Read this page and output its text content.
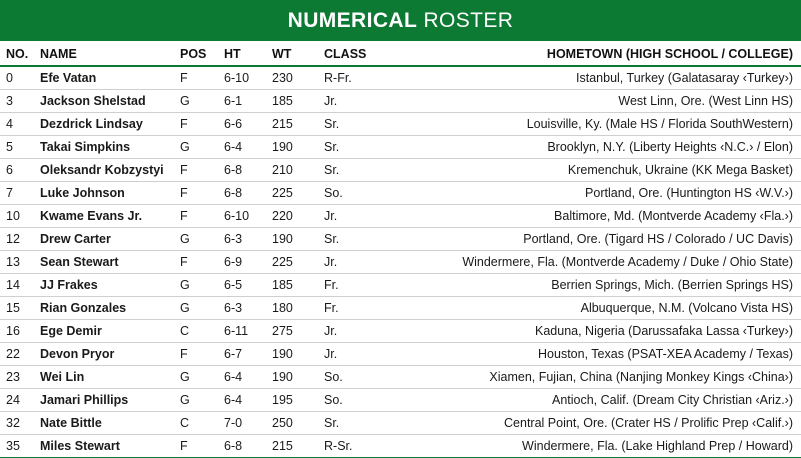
NUMERICAL ROSTER
NO.	NAME	POS	HT	WT	CLASS	HOMETOWN (HIGH SCHOOL / COLLEGE)
0	Efe Vatan	F	6-10	230	R-Fr.	Istanbul, Turkey (Galatasaray ‹Turkey›)
3	Jackson Shelstad	G	6-1	185	Jr.	West Linn, Ore. (West Linn HS)
4	Dezdrick Lindsay	F	6-6	215	Sr.	Louisville, Ky. (Male HS / Florida SouthWestern)
5	Takai Simpkins	G	6-4	190	Sr.	Brooklyn, N.Y. (Liberty Heights ‹N.C.› / Elon)
6	Oleksandr Kobzystyi	F	6-8	210	Sr.	Kremenchuk, Ukraine (KK Mega Basket)
7	Luke Johnson	F	6-8	225	So.	Portland, Ore. (Huntington HS ‹W.V.›)
10	Kwame Evans Jr.	F	6-10	220	Jr.	Baltimore, Md. (Montverde Academy ‹Fla.›)
12	Drew Carter	G	6-3	190	Sr.	Portland, Ore. (Tigard HS / Colorado / UC Davis)
13	Sean Stewart	F	6-9	225	Jr.	Windermere, Fla. (Montverde Academy / Duke / Ohio State)
14	JJ Frakes	G	6-5	185	Fr.	Berrien Springs, Mich. (Berrien Springs HS)
15	Rian Gonzales	G	6-3	180	Fr.	Albuquerque, N.M. (Volcano Vista HS)
16	Ege Demir	C	6-11	275	Jr.	Kaduna, Nigeria (Darussafaka Lassa ‹Turkey›)
22	Devon Pryor	F	6-7	190	Jr.	Houston, Texas (PSAT-XEA Academy / Texas)
23	Wei Lin	G	6-4	190	So.	Xiamen, Fujian, China (Nanjing Monkey Kings ‹China›)
24	Jamari Phillips	G	6-4	195	So.	Antioch, Calif. (Dream City Christian ‹Ariz.›)
32	Nate Bittle	C	7-0	250	Sr.	Central Point, Ore. (Crater HS / Prolific Prep ‹Calif.›)
35	Miles Stewart	F	6-8	215	R-Sr.	Windermere, Fla. (Lake Highland Prep / Howard)
